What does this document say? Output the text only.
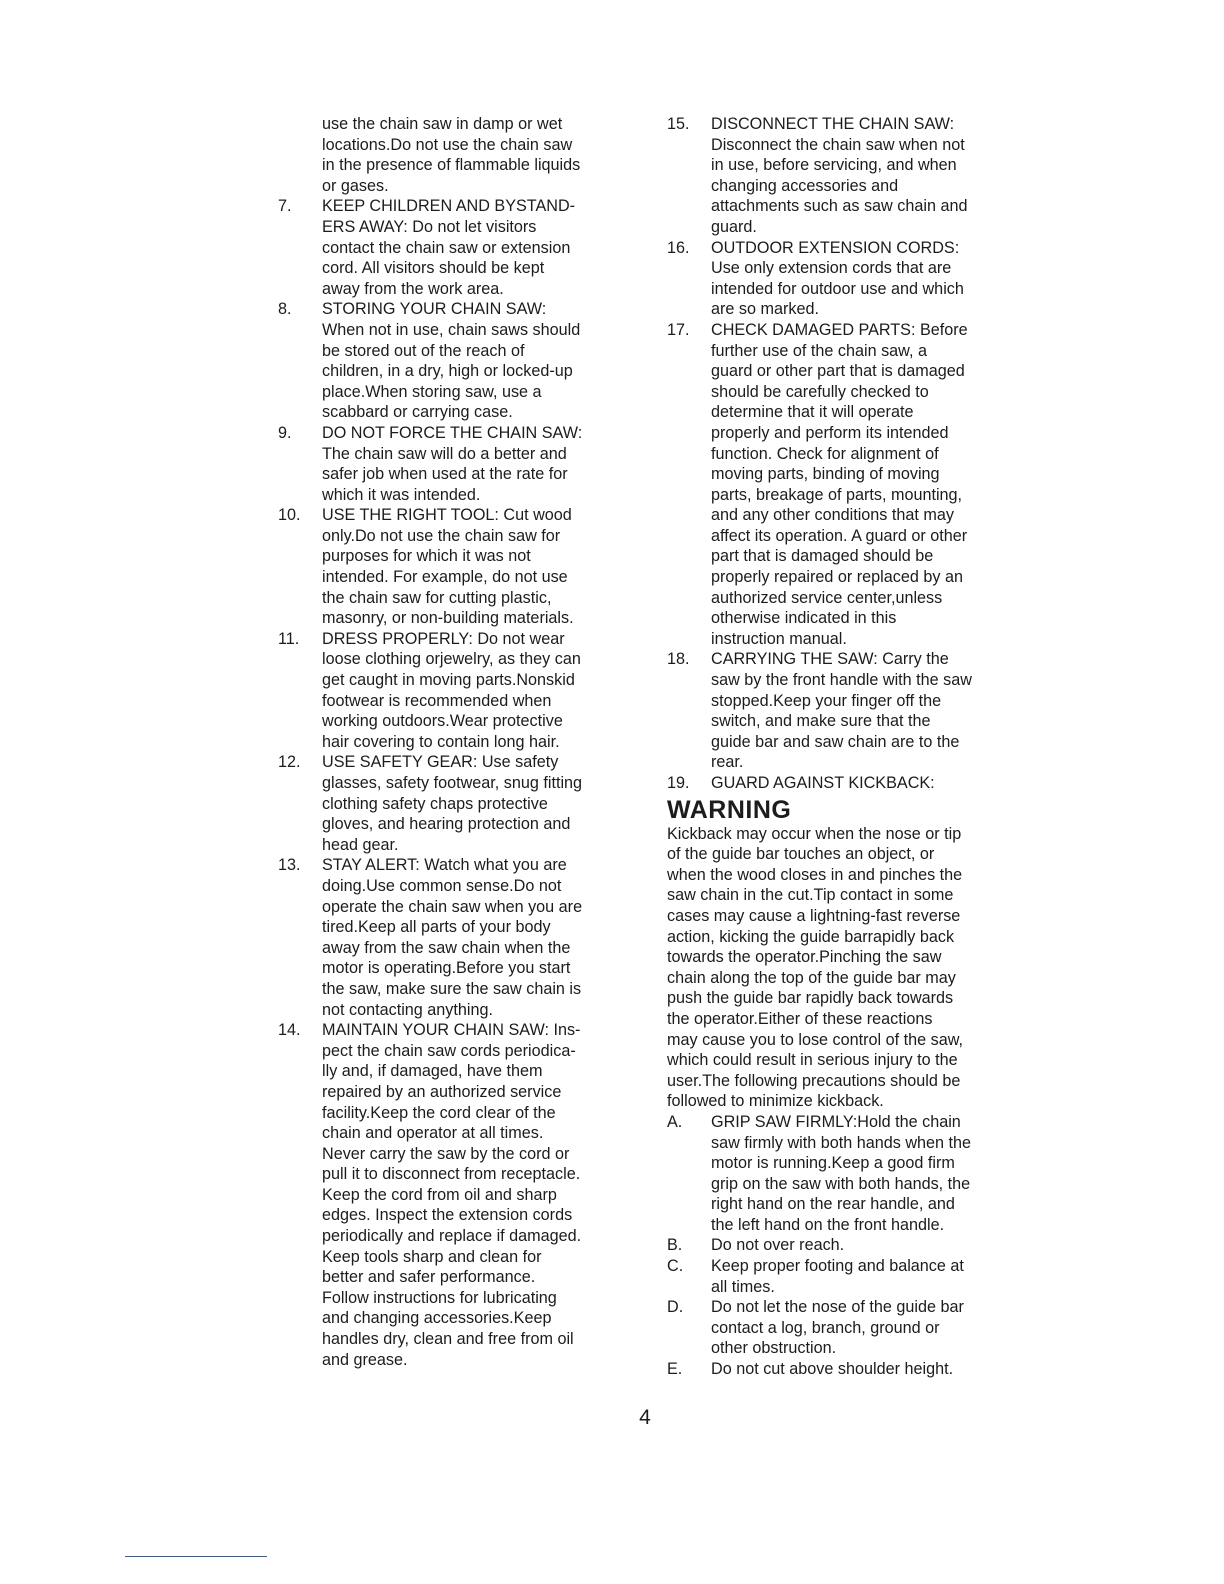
use the chain saw in damp or wet
locations.Do not use the chain saw
in the presence of flammable liquids
or gases.
7.	KEEP CHILDREN AND BYSTAND-
ERS AWAY: Do not let visitors
contact the chain saw or extension
cord. All visitors should be kept
away from the work area.
8.	STORING YOUR CHAIN SAW:
When not in use, chain saws should
be stored out of the reach of
children, in a dry, high or locked-up
place.When storing saw, use a
scabbard or carrying case.
9.	DO NOT FORCE THE CHAIN SAW:
The chain saw will do a better and
safer job when used at the rate for
which it was intended.
10.	USE THE RIGHT TOOL: Cut wood
only.Do not use the chain saw for
purposes for which it was not
intended. For example, do not use
the chain saw for cutting plastic,
masonry, or non-building materials.
11.	DRESS PROPERLY: Do not wear
loose clothing orjewelry, as they can
get caught in moving parts.Nonskid
footwear is recommended when
working outdoors.Wear protective
hair covering to contain long hair.
12.	USE SAFETY GEAR: Use safety
glasses, safety footwear, snug fitting
clothing safety chaps protective
gloves, and hearing protection and
head gear.
13.	STAY ALERT: Watch what you are
doing.Use common sense.Do not
operate the chain saw when you are
tired.Keep all parts of your body
away from the saw chain when the
motor is operating.Before you start
the saw, make sure the saw chain is
not contacting anything.
14.	MAINTAIN YOUR CHAIN SAW: Ins-
pect the chain saw cords periodica-
lly and, if damaged, have them
repaired by an authorized service
facility.Keep the cord clear of the
chain and operator at all times.
Never carry the saw by the cord or
pull it to disconnect from receptacle.
Keep the cord from oil and sharp
edges. Inspect the extension cords
periodically and replace if damaged.
Keep tools sharp and clean for
better and safer performance.
Follow instructions for lubricating
and changing accessories.Keep
handles dry, clean and free from oil
and grease.
15.	DISCONNECT THE CHAIN SAW:
Disconnect the chain saw when not
in use, before servicing, and when
changing accessories and
attachments such as saw chain and
guard.
16.	OUTDOOR EXTENSION CORDS:
Use only extension cords that are
intended for outdoor use and which
are so marked.
17.	CHECK DAMAGED PARTS: Before
further use of the chain saw, a
guard or other part that is damaged
should be carefully checked to
determine that it will operate
properly and perform its intended
function. Check for alignment of
moving parts, binding of moving
parts, breakage of parts, mounting,
and any other conditions that may
affect its operation. A guard or other
part that is damaged should be
properly repaired or replaced by an
authorized service center,unless
otherwise indicated in this
instruction manual.
18.	CARRYING THE SAW: Carry the
saw by the front handle with the saw
stopped.Keep your finger off the
switch, and make sure that the
guide bar and saw chain are to the
rear.
19.	GUARD AGAINST KICKBACK:
WARNING
Kickback may occur when the nose or tip
of the guide bar touches an object, or
when the wood closes in and pinches the
saw chain in the cut.Tip contact in some
cases may cause a lightning-fast reverse
action, kicking the guide barrapidly back
towards the operator.Pinching the saw
chain along the top of the guide bar may
push the guide bar rapidly back towards
the operator.Either of these reactions
may cause you to lose control of the saw,
which could result in serious injury to the
user.The following precautions should be
followed to minimize kickback.
A.	GRIP SAW FIRMLY:Hold the chain
saw firmly with both hands when the
motor is running.Keep a good firm
grip on the saw with both hands, the
right hand on the rear handle, and
the left hand on the front handle.
B.	Do not over reach.
C.	Keep proper footing and balance at
all times.
D.	Do not let the nose of the guide bar
contact a log, branch, ground or
other obstruction.
E.	Do not cut above shoulder height.
4
